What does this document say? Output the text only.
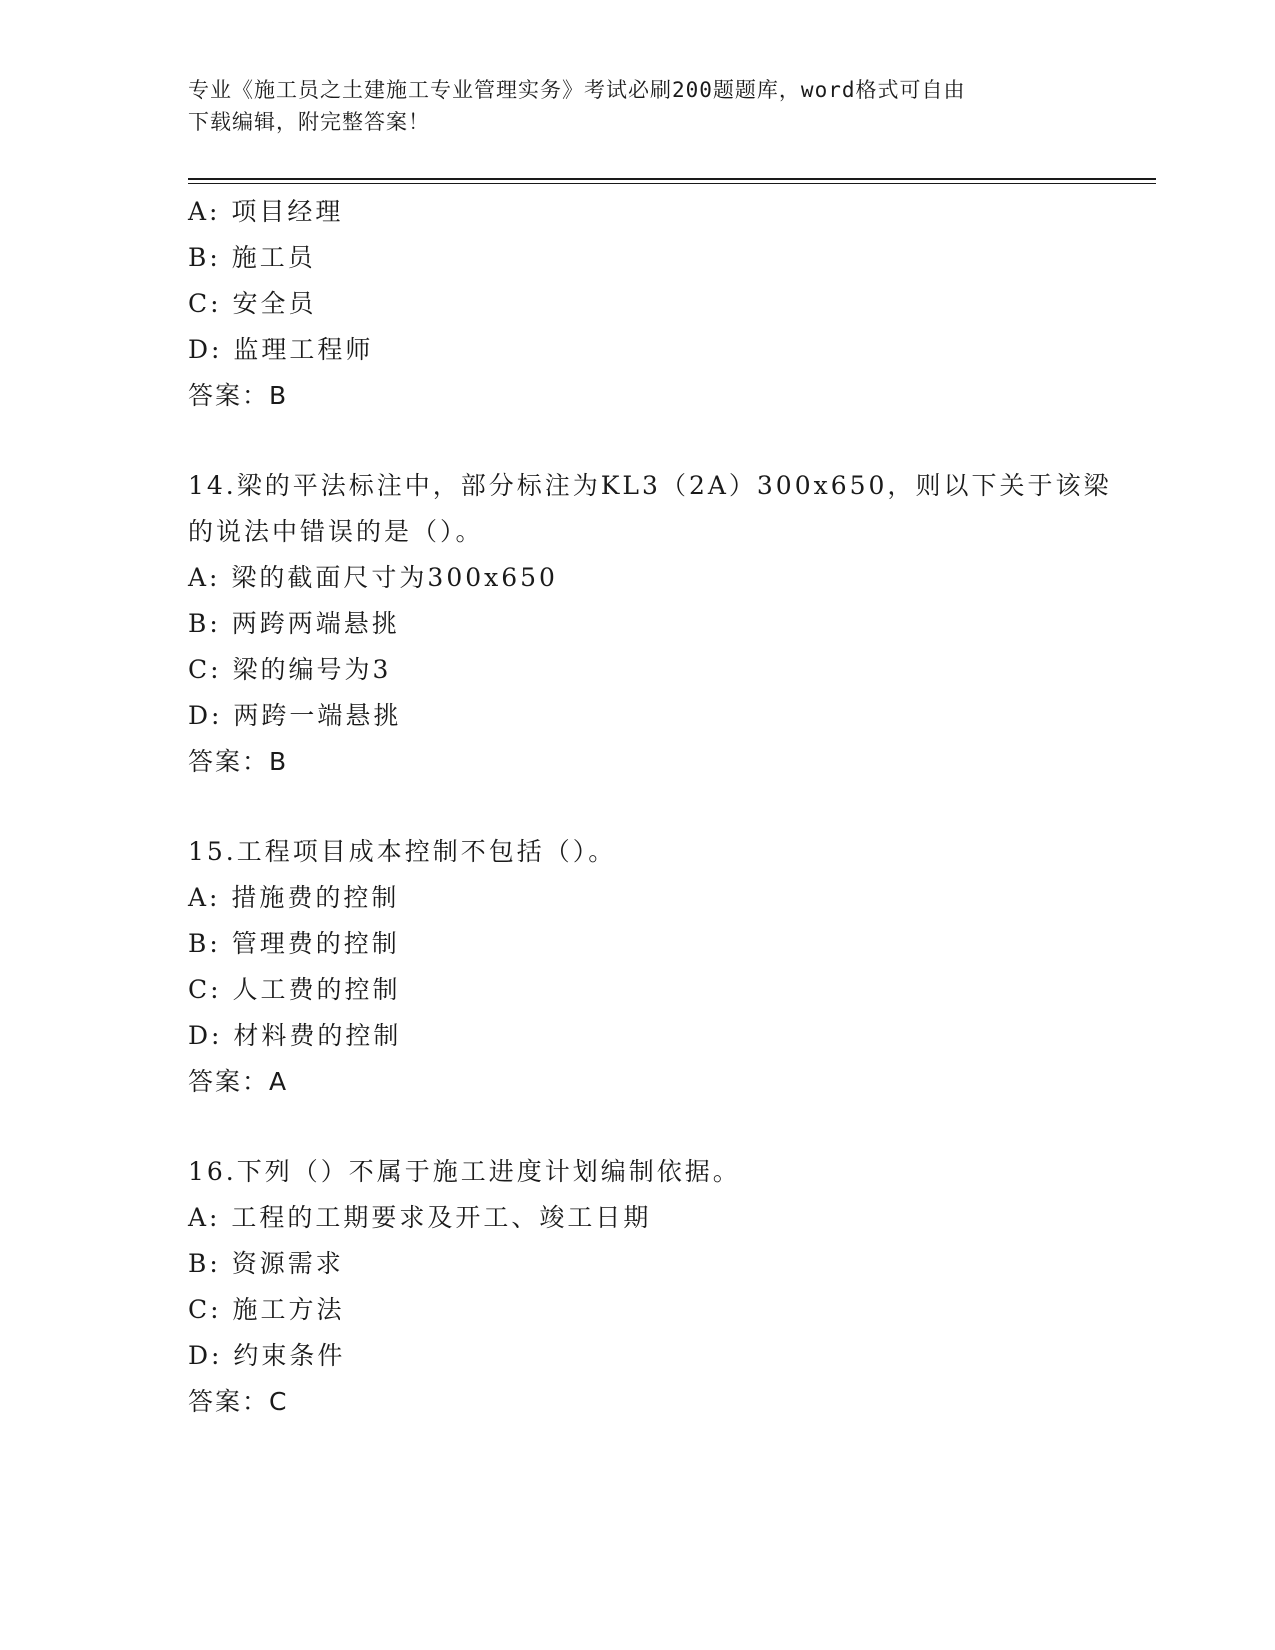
专业《施工员之土建施工专业管理实务》考试必刷200题题库，word格式可自由
下载编辑，附完整答案！
A: 项目经理
B: 施工员
C: 安全员
D: 监理工程师
答案：B
14.梁的平法标注中，部分标注为KL3（2A）300x650，则以下关于该梁
的说法中错误的是（）。
A: 梁的截面尺寸为300x650
B: 两跨两端悬挑
C: 梁的编号为3
D: 两跨一端悬挑
答案：B
15.工程项目成本控制不包括（）。
A: 措施费的控制
B: 管理费的控制
C: 人工费的控制
D: 材料费的控制
答案：A
16.下列（）不属于施工进度计划编制依据。
A: 工程的工期要求及开工、竣工日期
B: 资源需求
C: 施工方法
D: 约束条件
答案：C
